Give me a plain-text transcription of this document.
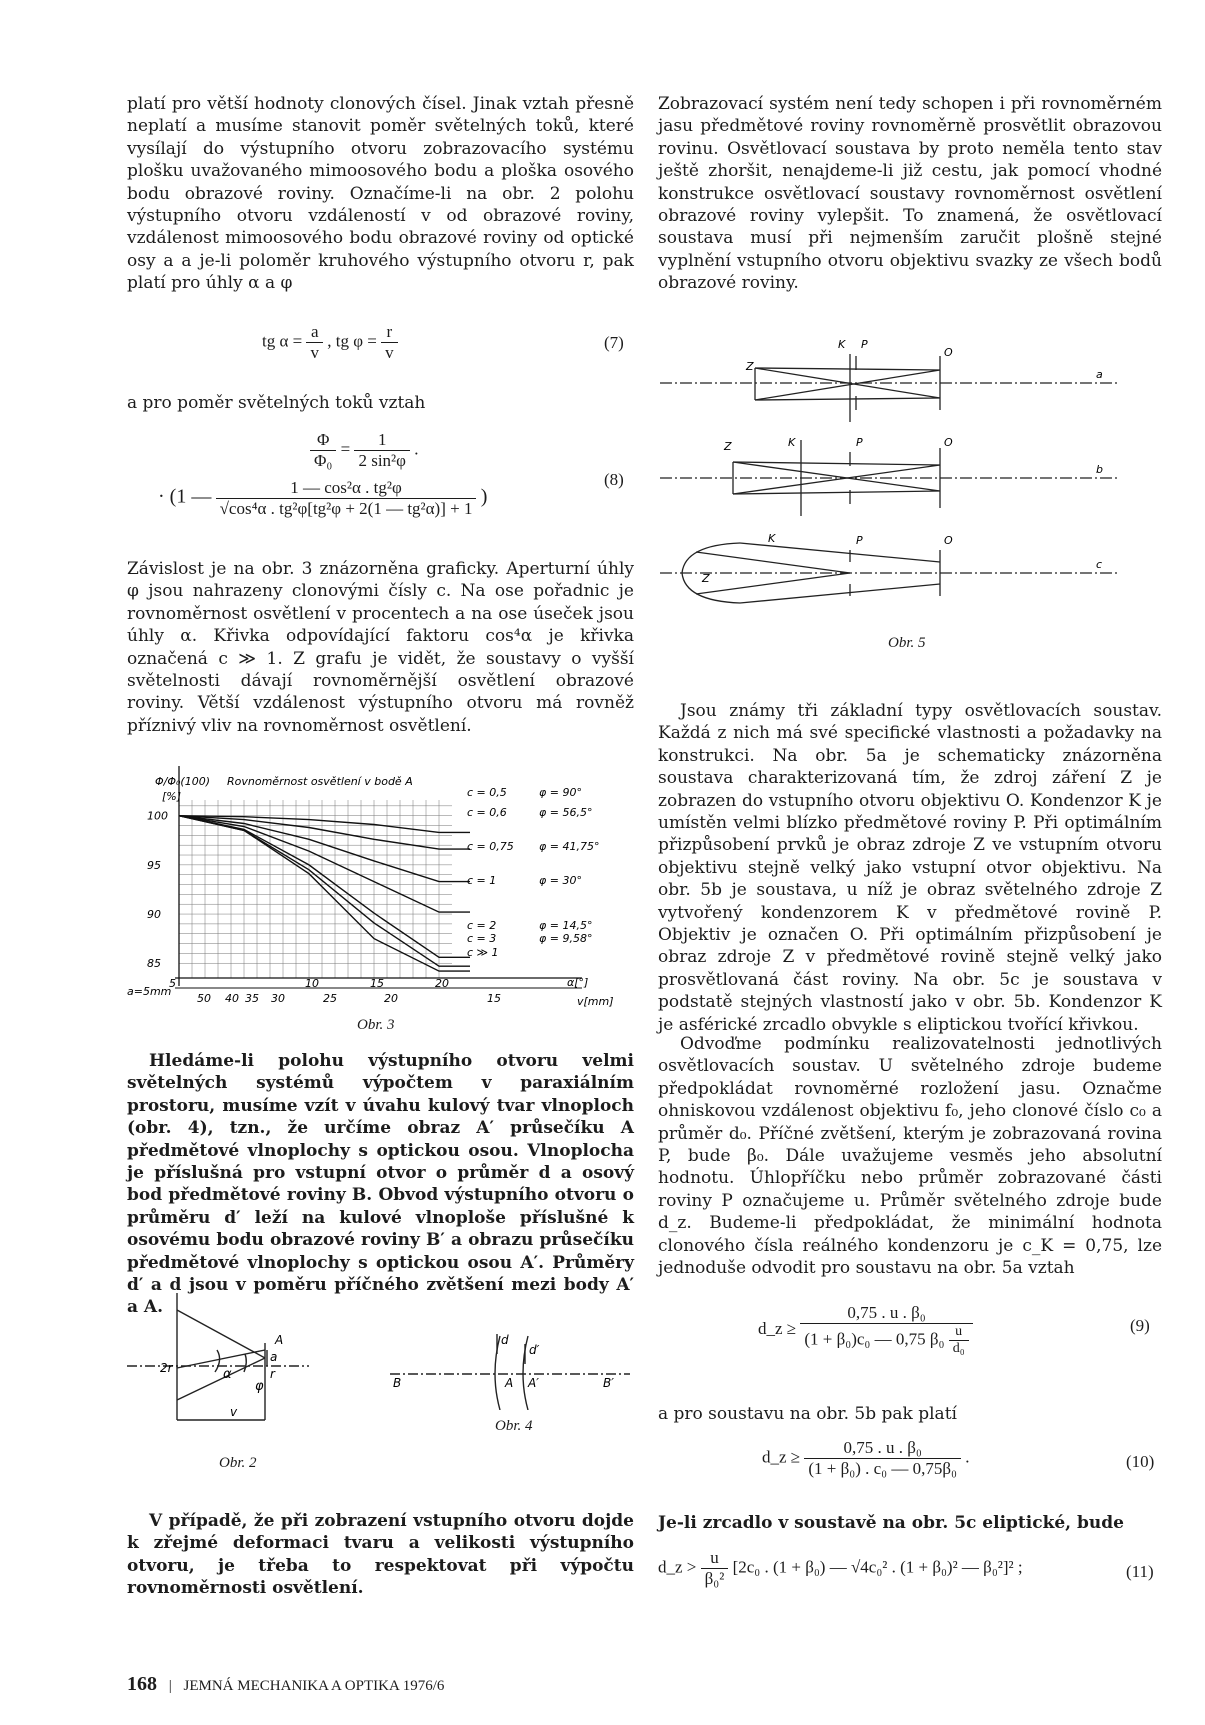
platí pro větší hodnoty clonových čísel. Jinak vztah přesně neplatí a musíme stanovit poměr světelných toků, které vysílají do výstupního otvoru zobrazovacího systému plošku uvažovaného mimoosového bodu a ploška osového bodu obrazové roviny. Označíme-li na obr. 2 polohu výstupního otvoru vzdáleností v od obrazové roviny, vzdálenost mimoosového bodu obrazové roviny od optické osy a a je-li poloměr kruhového výstupního otvoru r, pak platí pro úhly α a φ

tg $\alpha = \frac{a}{v}$ , tg $\varphi = \frac{r}{v}$	(7)

a pro poměr světelných toků vztah

$\frac{\Phi}{\text{Φ₀}} = \frac{1}{\text{2 sin²φ}}$ .
· (1 — $\frac{\text{1 — cos²α . tg²φ}}{\text{√cos⁴α . tg²φ[tg²φ + 2(1 — tg²α)] + 1}}$ )
(8)

Závislost je na obr. 3 znázorněna graficky. Aperturní úhly φ jsou nahrazeny clonovými čísly c. Na ose pořadnic je rovnoměrnost osvětlení v procentech a na ose úseček jsou úhly α. Křivka odpovídající faktoru cos⁴α je křivka označená c ≫ 1. Z grafu je vidět, že soustavy o vyšší světelnosti dávají rovnoměrnější osvětlení obrazové roviny. Větší vzdálenost výstupního otvoru má rovněž příznivý vliv na rovnoměrnost osvětlení.

Φ/Φ₀(100)
[%]
Rovnoměrnost osvětlení v bodě A
100
95
90
85
5	10	15	20
50 40 35 30	25	20	15
c = 0,5
c = 0,6
c = 0,75
c = 1
c = 2
c = 3
c ≫ 1
φ = 90°
φ = 56,5°
φ = 41,75°
φ = 30°
φ = 14,5°
φ = 9,58°
a=5mm
α[°]
v[mm]
Obr. 3

Hledáme-li polohu výstupního otvoru velmi světelných systémů výpočtem v paraxiálním prostoru, musíme vzít v úvahu kulový tvar vlnoploch (obr. 4), tzn., že určíme obraz A′ průsečíku A předmětové vlnoplochy s optickou osou. Vlnoplocha je příslušná pro vstupní otvor o průměr d a osový bod předmětové roviny B. Obvod výstupního otvoru o průměru d′ leží na kulové vlnoploše příslušné k osovému bodu obrazové roviny B′ a obrazu průsečíku předmětové vlnoplochy s optickou osou A′. Průměry d′ a d jsou v poměru příčného zvětšení mezi body A′ a A.

2r
A
a
α
φ
r
v
Obr. 2
d
d′
B	A A′	B′
Obr. 4

V případě, že při zobrazení vstupního otvoru dojde k zřejmé deformaci tvaru a velikosti výstupního otvoru, je třeba to respektovat při výpočtu rovnoměrnosti osvětlení.

Zobrazovací systém není tedy schopen i při rovnoměrném jasu předmětové roviny rovnoměrně prosvětlit obrazovou rovinu. Osvětlovací soustava by proto neměla tento stav ještě zhoršit, nenajdeme-li již cestu, jak pomocí vhodné konstrukce osvětlovací soustavy rovnoměrnost osvětlení obrazové roviny vylepšit. To znamená, že osvětlovací soustava musí při nejmenším zaručit plošně stejné vyplnění vstupního otvoru objektivu svazky ze všech bodů obrazové roviny.

Z
K P
O
a
Z	K	P	O
b
K	P	O
c
Z
Obr. 5

Jsou známy tři základní typy osvětlovacích soustav. Každá z nich má své specifické vlastnosti a požadavky na konstrukci. Na obr. 5a je schematicky znázorněna soustava charakterizovaná tím, že zdroj záření Z je zobrazen do vstupního otvoru objektivu O. Kondenzor K je umístěn velmi blízko předmětové roviny P. Při optimálním přizpůsobení prvků je obraz zdroje Z ve vstupním otvoru objektivu stejně velký jako vstupní otvor objektivu. Na obr. 5b je soustava, u níž je obraz světelného zdroje Z vytvořený kondenzorem K v předmětové rovině P. Objektiv je označen O. Při optimálním přizpůsobení je obraz zdroje Z v předmětové rovině stejně velký jako prosvětlovaná část roviny. Na obr. 5c je soustava v podstatě stejných vlastností jako v obr. 5b. Kondenzor K je asférické zrcadlo obvykle s eliptickou tvořící křivkou.

Odvoďme podmínku realizovatelnosti jednotlivých osvětlovacích soustav. U světelného zdroje budeme předpokládat rovnoměrné rozložení jasu. Označme ohniskovou vzdálenost objektivu f₀, jeho clonové číslo c₀ a průměr d₀. Příčné zvětšení, kterým je zobrazovaná rovina P, bude β₀. Dále uvažujeme vesměs jeho absolutní hodnotu. Úhlopříčku nebo průměr zobrazované části roviny P označujeme u. Průměr světelného zdroje bude d_z. Budeme-li předpokládat, že minimální hodnota clonového čísla reálného kondenzoru je c_K = 0,75, lze jednoduše odvodit pro soustavu na obr. 5a vztah

d_z ≥ $\frac{\text{0,75 . u . β₀}}{(1 + \beta_0)c_0 — 0,75 \beta_0 \frac{u}{\text{d₀}}}$	(9)

a pro soustavu na obr. 5b pak platí

d_z ≥ $\frac{\text{0,75 . u . β₀}}{\text{(1 + β₀) . c₀ — 0,75β₀}}$ .	(10)

Je-li zrcadlo v soustavě na obr. 5c eliptické, bude

d_z > $\frac{u}{\text{β₀²}} [2c_0$ . (1 + β₀) — √4c₀² . (1 + β₀)² — β₀²]² ;	(11)
168 | JEMNÁ MECHANIKA A OPTIKA 1976/6
